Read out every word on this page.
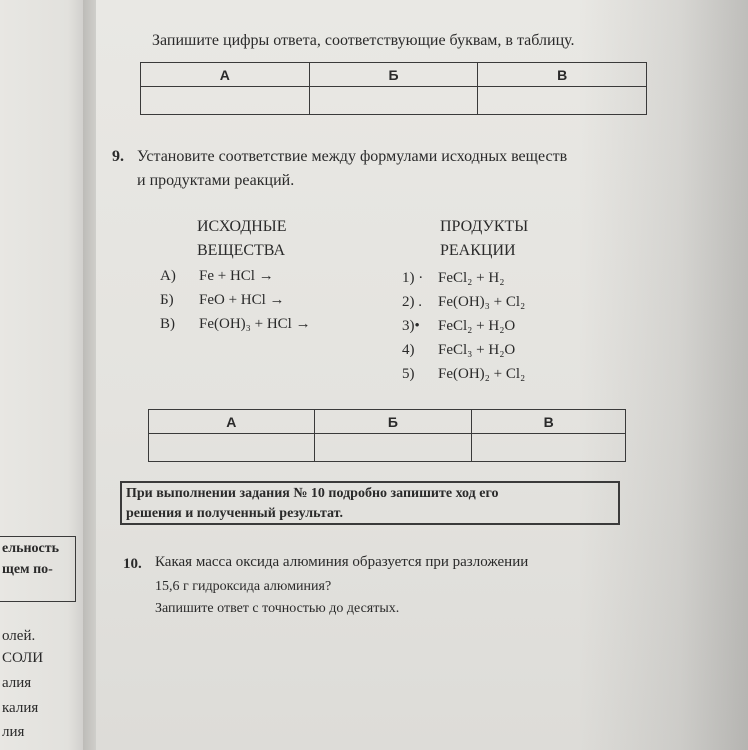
ельность
щем по-
олей.
СОЛИ
алия
калия
лия
Запишите цифры ответа, соответствующие буквам, в таблицу.
А	Б	В

9. Установите соответствие между формулами исходных веществ
и продуктами реакций.
ИСХОДНЫЕ
ВЕЩЕСТВА
ПРОДУКТЫ
РЕАКЦИИ
А)
Б)
В)
Fe + HCl →
FeO + HCl →
Fe(OH)₃ + HCl →
1) ·
2) .
3)•
4)
5)
FeCl₂ + H₂
Fe(OH)₃ + Cl₂
FeCl₂ + H₂O
FeCl₃ + H₂O
Fe(OH)₂ + Cl₂
А	Б	В

При выполнении задания № 10 подробно запишите ход его
решения и полученный результат.
10. Какая масса оксида алюминия образуется при разложении
15,6 г гидроксида алюминия?
Запишите ответ с точностью до десятых.
